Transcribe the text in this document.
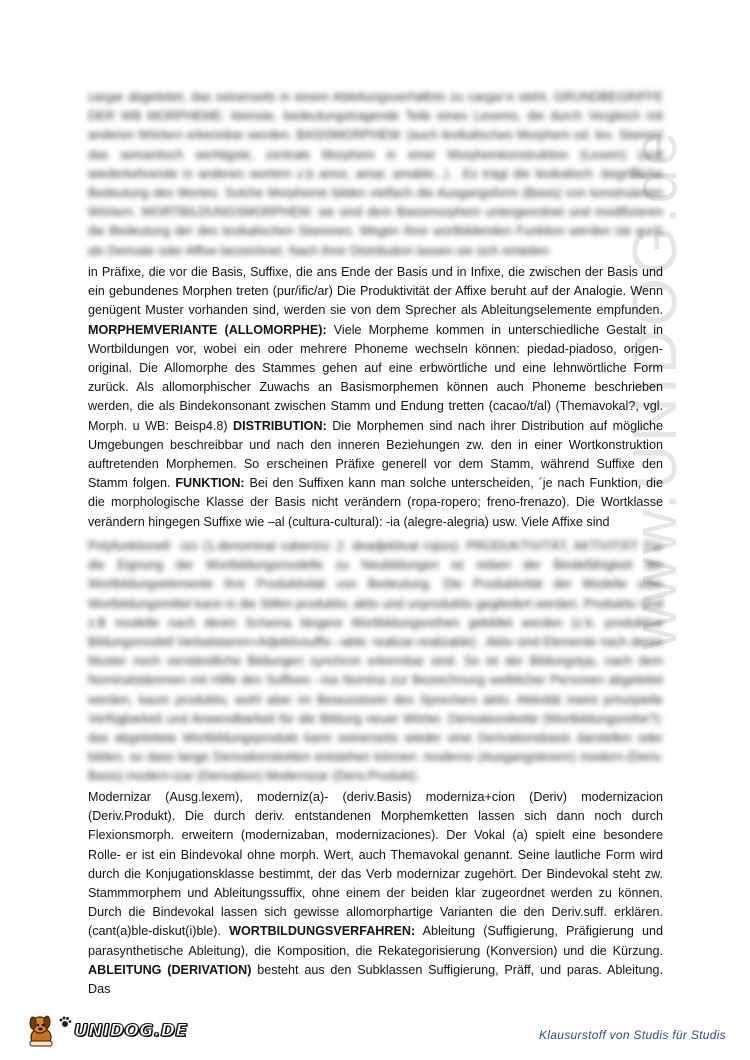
www.UNIDOG.de

cargar abgeleitet, das seinerseits in einem Ableitungsverhältnis zu carga/-e steht. GRUNDBEGRIFFE DER WB MORPHEME: kleinste, bedeutungstragende Teile eines Lexems, die durch Vergleich mit anderen Wörtern erkennbar werden. BASISMORPHEM: (auch lexikalisches Morphem od. lex. Stamm) das semantisch wichtigste, zentrale Morphem in einer Morphemkonstruktion (Lexem) (und wiederkehrende in anderen wortern z.b amor, amar, amable...) . Es trägt die lexikalisch -begriffliche Bedeutung des Wortes. Solche Morpheme bilden vielfach die Ausgangsform (Basis) von konstruierten Wörtern. WORTBILDUNGSMORPHEM: sie sind dem Basismorphem untergeordnet und modifizieren die Bedeutung der des lexikalischen Stammes. Wegen ihrer wortbildenden Funktion werden sie auch als Derivate oder Affixe bezeichnet. Nach ihrer Distribution lassen sie sich einteilen

in Präfixe, die vor die Basis, Suffixe, die ans Ende der Basis und in Infixe, die zwischen der Basis und ein gebundenes Morphen treten (pur/ific/ar) Die Produktivität der Affixe beruht auf der Analogie. Wenn genügent Muster vorhanden sind, werden sie von dem Sprecher als Ableitungselemente empfunden. MORPHEMVERIANTE (ALLOMORPHE): Viele Morpheme kommen in unterschiedliche Gestalt in Wortbildungen vor, wobei ein oder mehrere Phoneme wechseln können: piedad-piadoso, origen-original. Die Allomorphe des Stammes gehen auf eine erbwörtliche und eine lehnwörtliche Form zurück. Als allomorphischer Zuwachs an Basismorphemen können auch Phoneme beschrieben werden, die als Bindekonsonant zwischen Stamm und Endung tretten (cacao/t/al) (Themavokal?, vgl. Morph. u WB: Beisp4.8) DISTRIBUTION: Die Morphemen sind nach ihrer Distribution auf mögliche Umgebungen beschreibbar und nach den inneren Beziehungen zw. den in einer Wortkonstruktion auftretenden Morphemen. So erscheinen Präfixe generell vor dem Stamm, während Suffixe den Stamm folgen. FUNKTION: Bei den Suffixen kann man solche unterscheiden, ´je nach Funktion, die die morphologische Klasse der Basis nicht verändern (ropa-ropero; freno-frenazo). Die Wortklasse verändern hingegen Suffixe wie –al (cultura-cultural): -ia (alegre-alegria) usw. Viele Affixe sind

Polyfunktionell: -izo (1.denominal caberizo; 2. deadjektival rojizo). PRODUKTIVITÄT, AKTIVITÄT: Für die Eignung der Wortbildungsmodelle zu Neubildungen ist neben der Bindefähigkeit der Wortbildungselemente ihre Produktivität von Bedeutung. Die Produktivität der Modelle oder Wortbildungsmittel kann in die Stifen produktiv, aktiv und unproduktiv gegliedert werden. Produktiv sind z.B modelle nach deren Schema längere Wortbildungsreihen gebildet werden (z.b. produktive Bildungsmodell Verbalstamm+Adjektivsuffix –able: realizar-realizable) . Aktiv sind Elemente nach deren Muster noch verständliche Bildungen synchron erkennbar sind. So ist der Bildungstyp, nach dem Nominalstämmen mit Hilfe des Suffixes –isa Nomina zur Bezeichnung weiblicher Personen abgeleitet werden, kaum produktiv, wohl aber im Bewusstsein des Sprechers aktiv. Aktivität meint prinzipielle Verfügbarkeit und Anwendbarkeit für die Bildung neuer Wörter. Derivationskette (Wortbildungsreihe?): das abgeleitete Wortbildungsprodukt kann seinerseits wieder eine Derivationsbasis darstellen oder bilden, so dass lange Derivationsketten entstehen können: moderno (Ausgangslexem) modern-(Deriv. Basis) modern-izar (Derivation) Modernizar (Deriv.Produkt).

Modernizar (Ausg.lexem), moderniz(a)- (deriv.Basis) moderniza+cion (Deriv) modernizacion (Deriv.Produkt). Die durch deriv. entstandenen Morphemketten lassen sich dann noch durch Flexionsmorph. erweitern (modernizaban, modernizaciones). Der Vokal (a) spielt eine besondere Rolle- er ist ein Bindevokal ohne morph. Wert, auch Themavokal genannt. Seine lautliche Form wird durch die Konjugationsklasse bestimmt, der das Verb modernizar zugehört. Der Bindevokal steht zw. Stammmorphem und Ableitungssuffix, ohne einem der beiden klar zugeordnet werden zu können. Durch die Bindevokal lassen sich gewisse allomorphartige Varianten die den Deriv.suff. erklären. (cant(a)ble-diskut(i)ble). WORTBILDUNGSVERFAHREN: Ableitung (Suffigierung, Präfigierung und parasynthetische Ableitung), die Komposition, die Rekategorisierung (Konversion) und die Kürzung. ABLEITUNG (DERIVATION) besteht aus den Subklassen Suffigierung, Präff, und paras. Ableitung. Das

UNIDOG.DE	Klausurstoff von Studis für Studis
